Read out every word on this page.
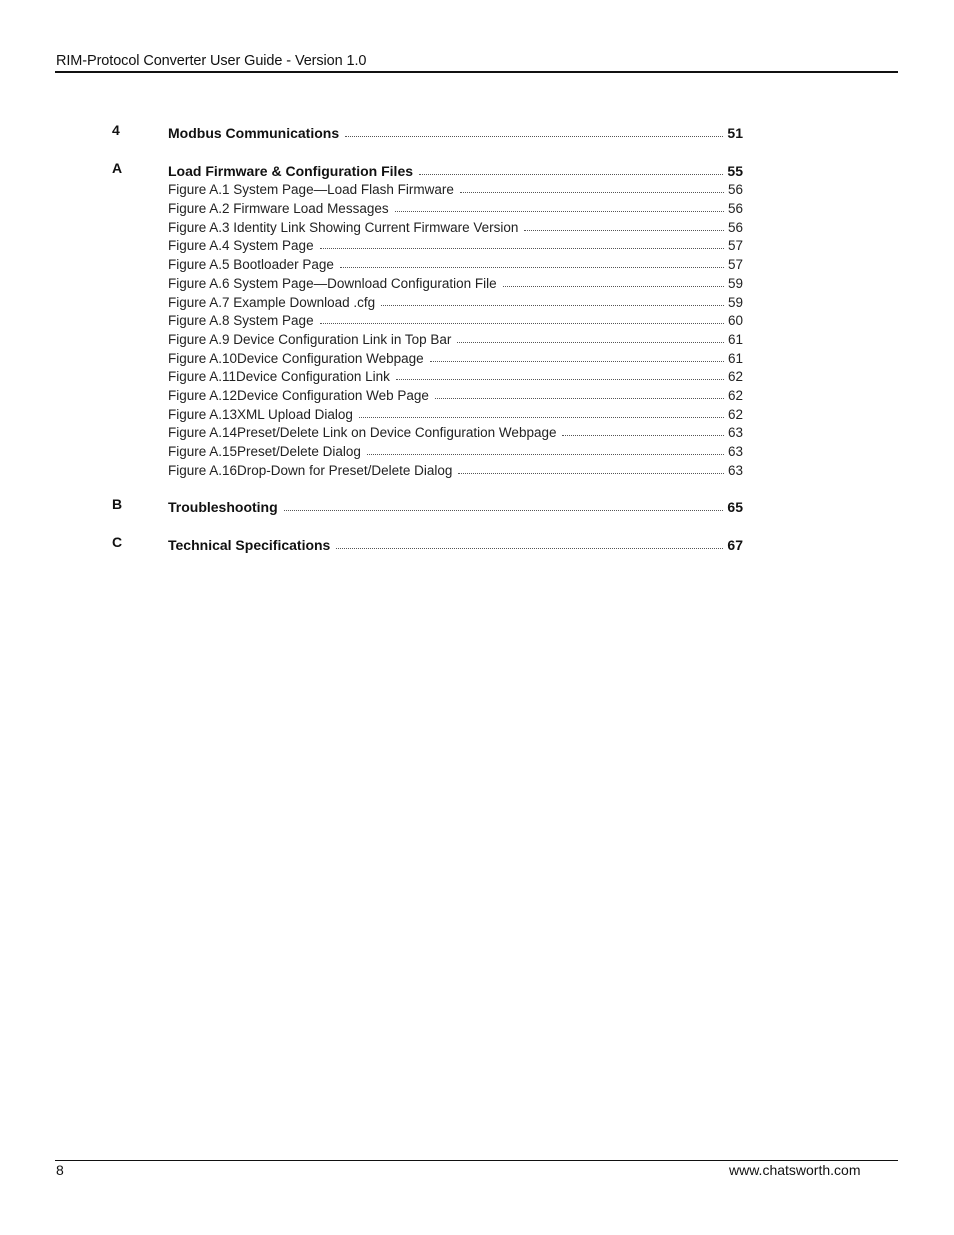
RIM-Protocol Converter User Guide - Version 1.0
4	Modbus Communications	51
A	Load Firmware & Configuration Files	55
Figure A.1 System Page—Load Flash Firmware	56
Figure A.2 Firmware Load Messages	56
Figure A.3 Identity Link Showing Current Firmware Version	56
Figure A.4 System Page	57
Figure A.5 Bootloader Page	57
Figure A.6 System Page—Download Configuration File	59
Figure A.7 Example Download .cfg	59
Figure A.8 System Page	60
Figure A.9 Device Configuration Link in Top Bar	61
Figure A.10Device Configuration Webpage	61
Figure A.11Device Configuration Link	62
Figure A.12Device Configuration Web Page	62
Figure A.13XML Upload Dialog	62
Figure A.14Preset/Delete Link on Device Configuration Webpage	63
Figure A.15Preset/Delete Dialog	63
Figure A.16Drop-Down for Preset/Delete Dialog	63
B	Troubleshooting	65
C	Technical Specifications	67
8	www.chatsworth.com
